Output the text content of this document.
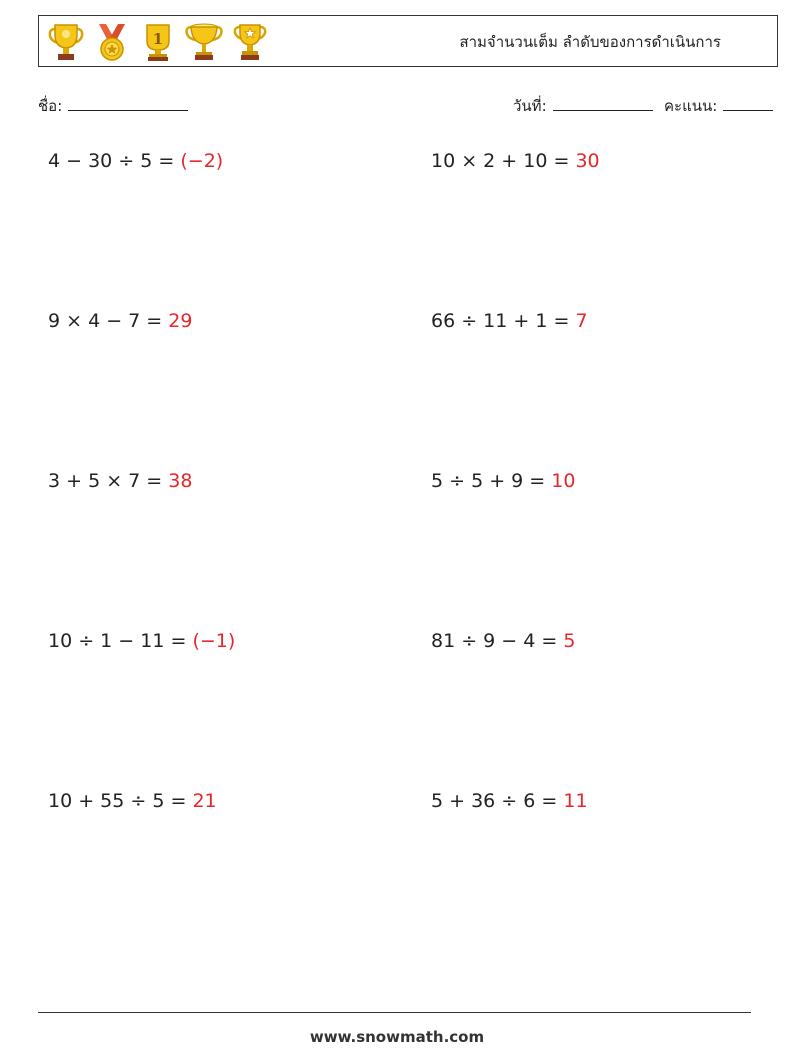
1	สามจำนวนเต็ม ลำดับของการดำเนินการ
ชื่อ:	วันที่:	คะแนน:
4 − 30 ÷ 5 = (−2)	10 × 2 + 10 = 30
9 × 4 − 7 = 29	66 ÷ 11 + 1 = 7
3 + 5 × 7 = 38	5 ÷ 5 + 9 = 10
10 ÷ 1 − 11 = (−1)	81 ÷ 9 − 4 = 5
10 + 55 ÷ 5 = 21	5 + 36 ÷ 6 = 11
www.snowmath.com
